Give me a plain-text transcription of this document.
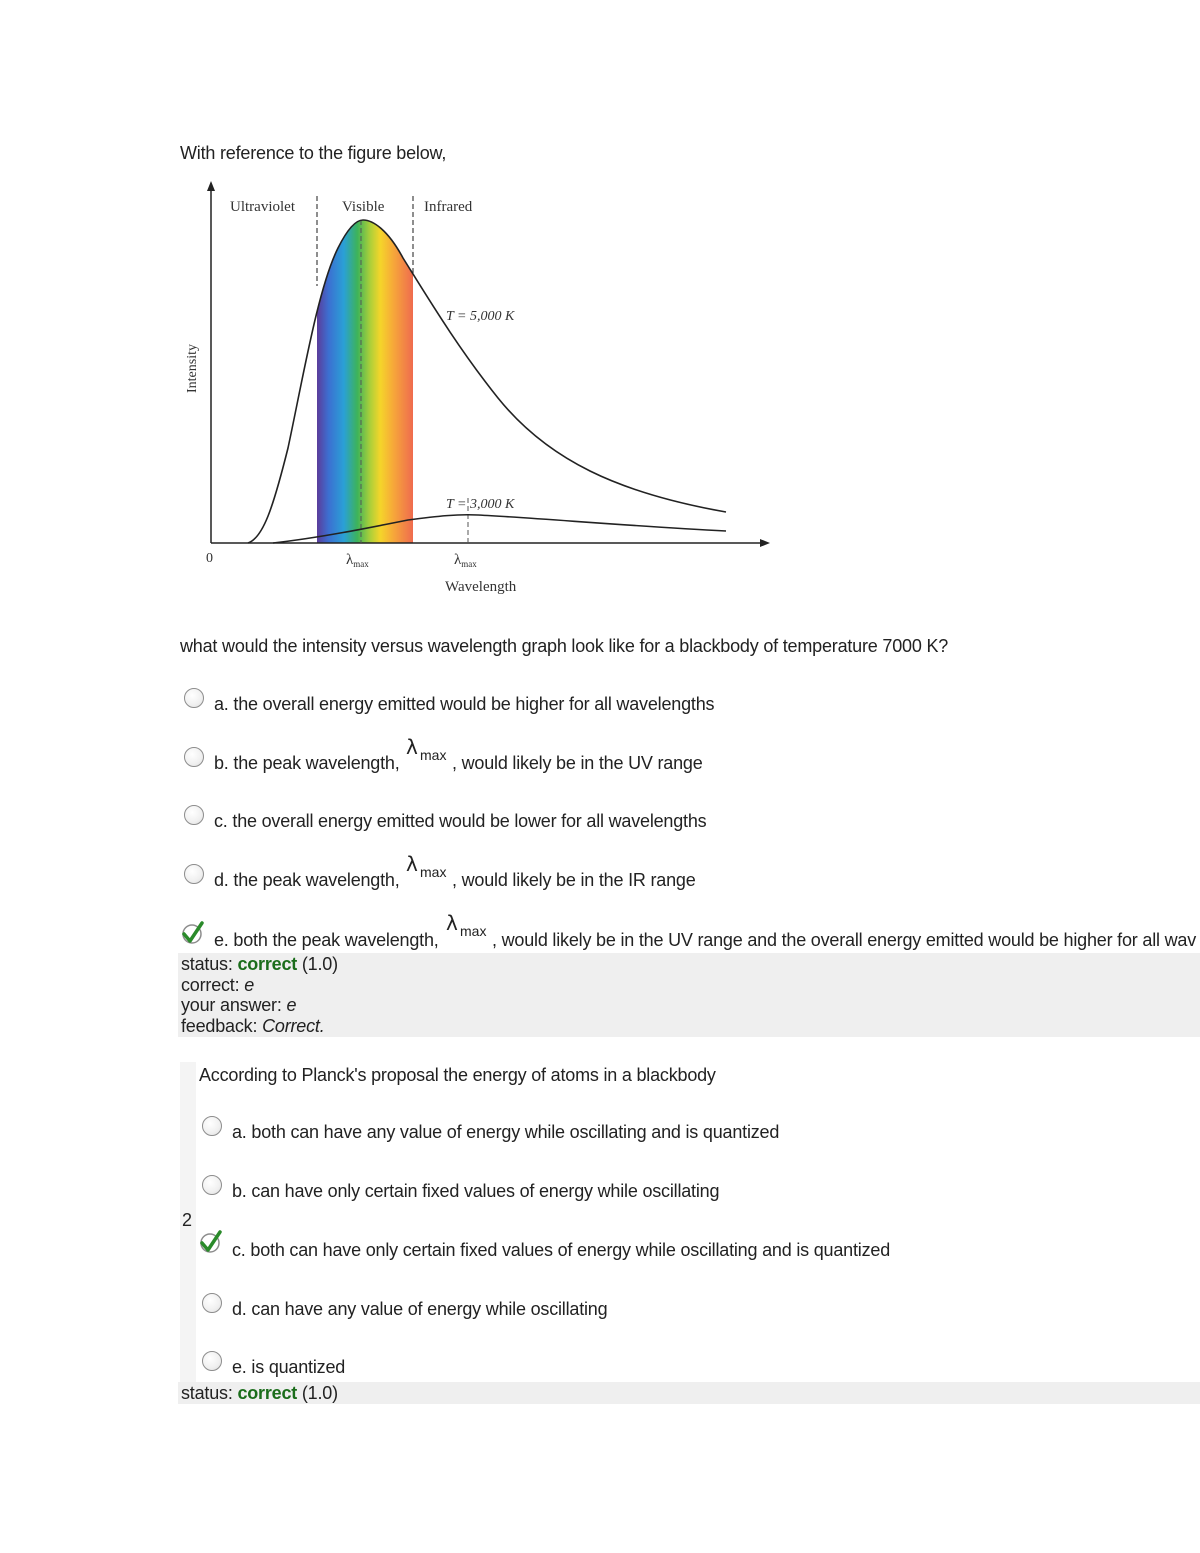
With reference to the figure below,
Ultraviolet	Visible	Infrared
Intensity
0
T = 5,000 K
T = 3,000 K
$\lambda_{max}$	$\lambda_{max}$
Wavelength
what would the intensity versus wavelength graph look like for a blackbody of temperature 7000 K?
a. the overall energy emitted would be higher for all wavelengths
b. the peak wavelength,
λ max , would likely be in the UV range
c. the overall energy emitted would be lower for all wavelengths
d. the peak wavelength,
λ max , would likely be in the IR range
e. both the peak wavelength,
λ max , would likely be in the UV range and the overall energy emitted would be higher for all wav
status: correct (1.0)
correct: e
your answer: e
feedback: Correct.
2
According to Planck's proposal the energy of atoms in a blackbody
a. both can have any value of energy while oscillating and is quantized
b. can have only certain fixed values of energy while oscillating
c. both can have only certain fixed values of energy while oscillating and is quantized
d. can have any value of energy while oscillating
e. is quantized
status: correct (1.0)
